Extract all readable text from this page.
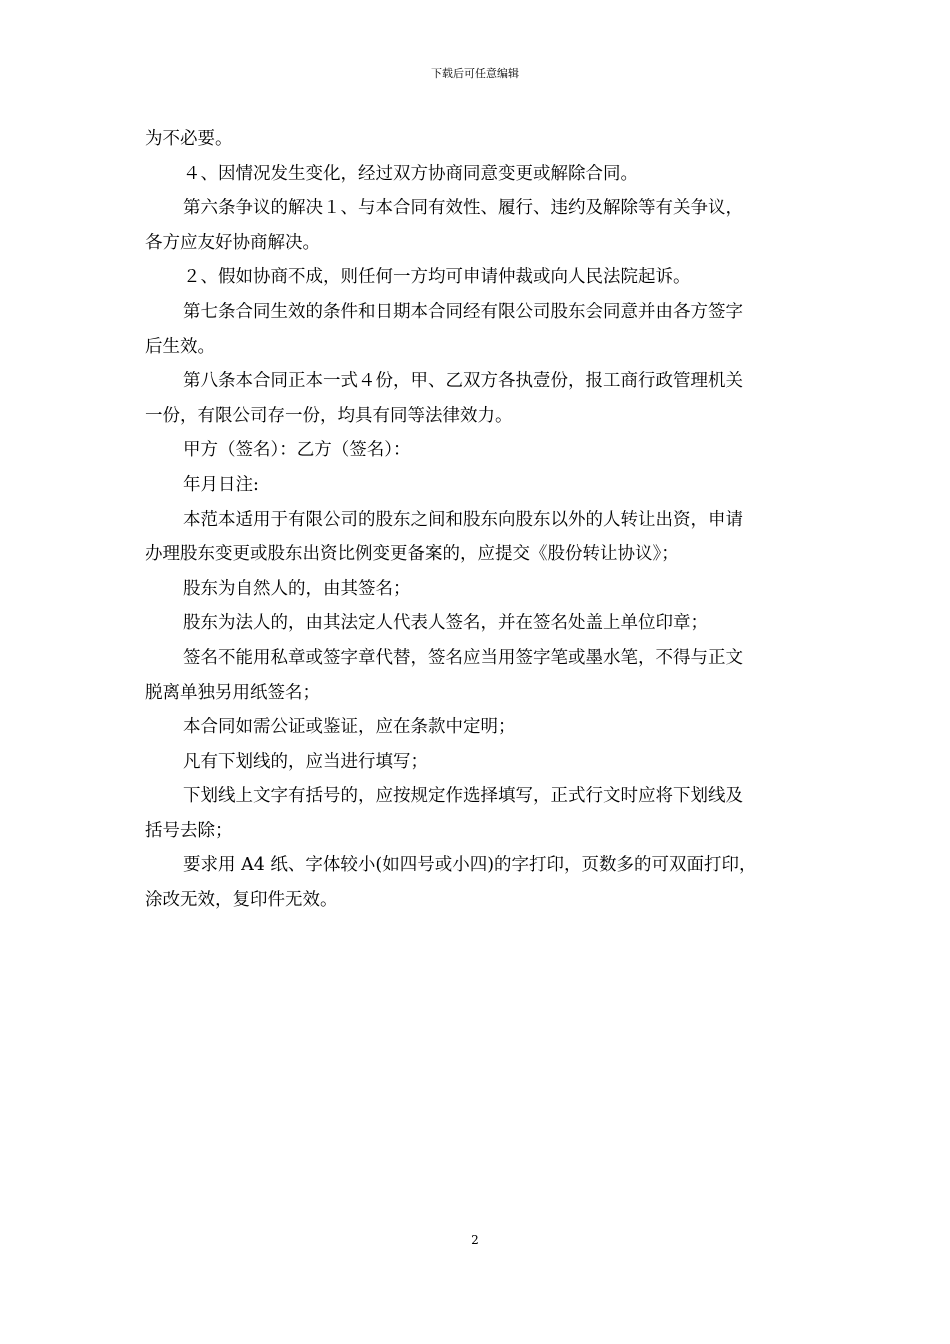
下载后可任意编辑

为不必要。

４、因情况发生变化，经过双方协商同意变更或解除合同。

第六条争议的解决１、与本合同有效性、履行、违约及解除等有关争议，

各方应友好协商解决。

２、假如协商不成，则任何一方均可申请仲裁或向人民法院起诉。

第七条合同生效的条件和日期本合同经有限公司股东会同意并由各方签字

后生效。

第八条本合同正本一式４份，甲、乙双方各执壹份，报工商行政管理机关

一份，有限公司存一份，均具有同等法律效力。

甲方（签名）：乙方（签名）：

年月日注:

本范本适用于有限公司的股东之间和股东向股东以外的人转让出资，申请

办理股东变更或股东出资比例变更备案的，应提交《股份转让协议》；

股东为自然人的，由其签名；

股东为法人的，由其法定人代表人签名，并在签名处盖上单位印章；

签名不能用私章或签字章代替，签名应当用签字笔或墨水笔，不得与正文

脱离单独另用纸签名；

本合同如需公证或鉴证，应在条款中定明；

凡有下划线的，应当进行填写；

下划线上文字有括号的，应按规定作选择填写，正式行文时应将下划线及

括号去除；

要求用 A4 纸、字体较小(如四号或小四)的字打印，页数多的可双面打印，

涂改无效，复印件无效。

2
